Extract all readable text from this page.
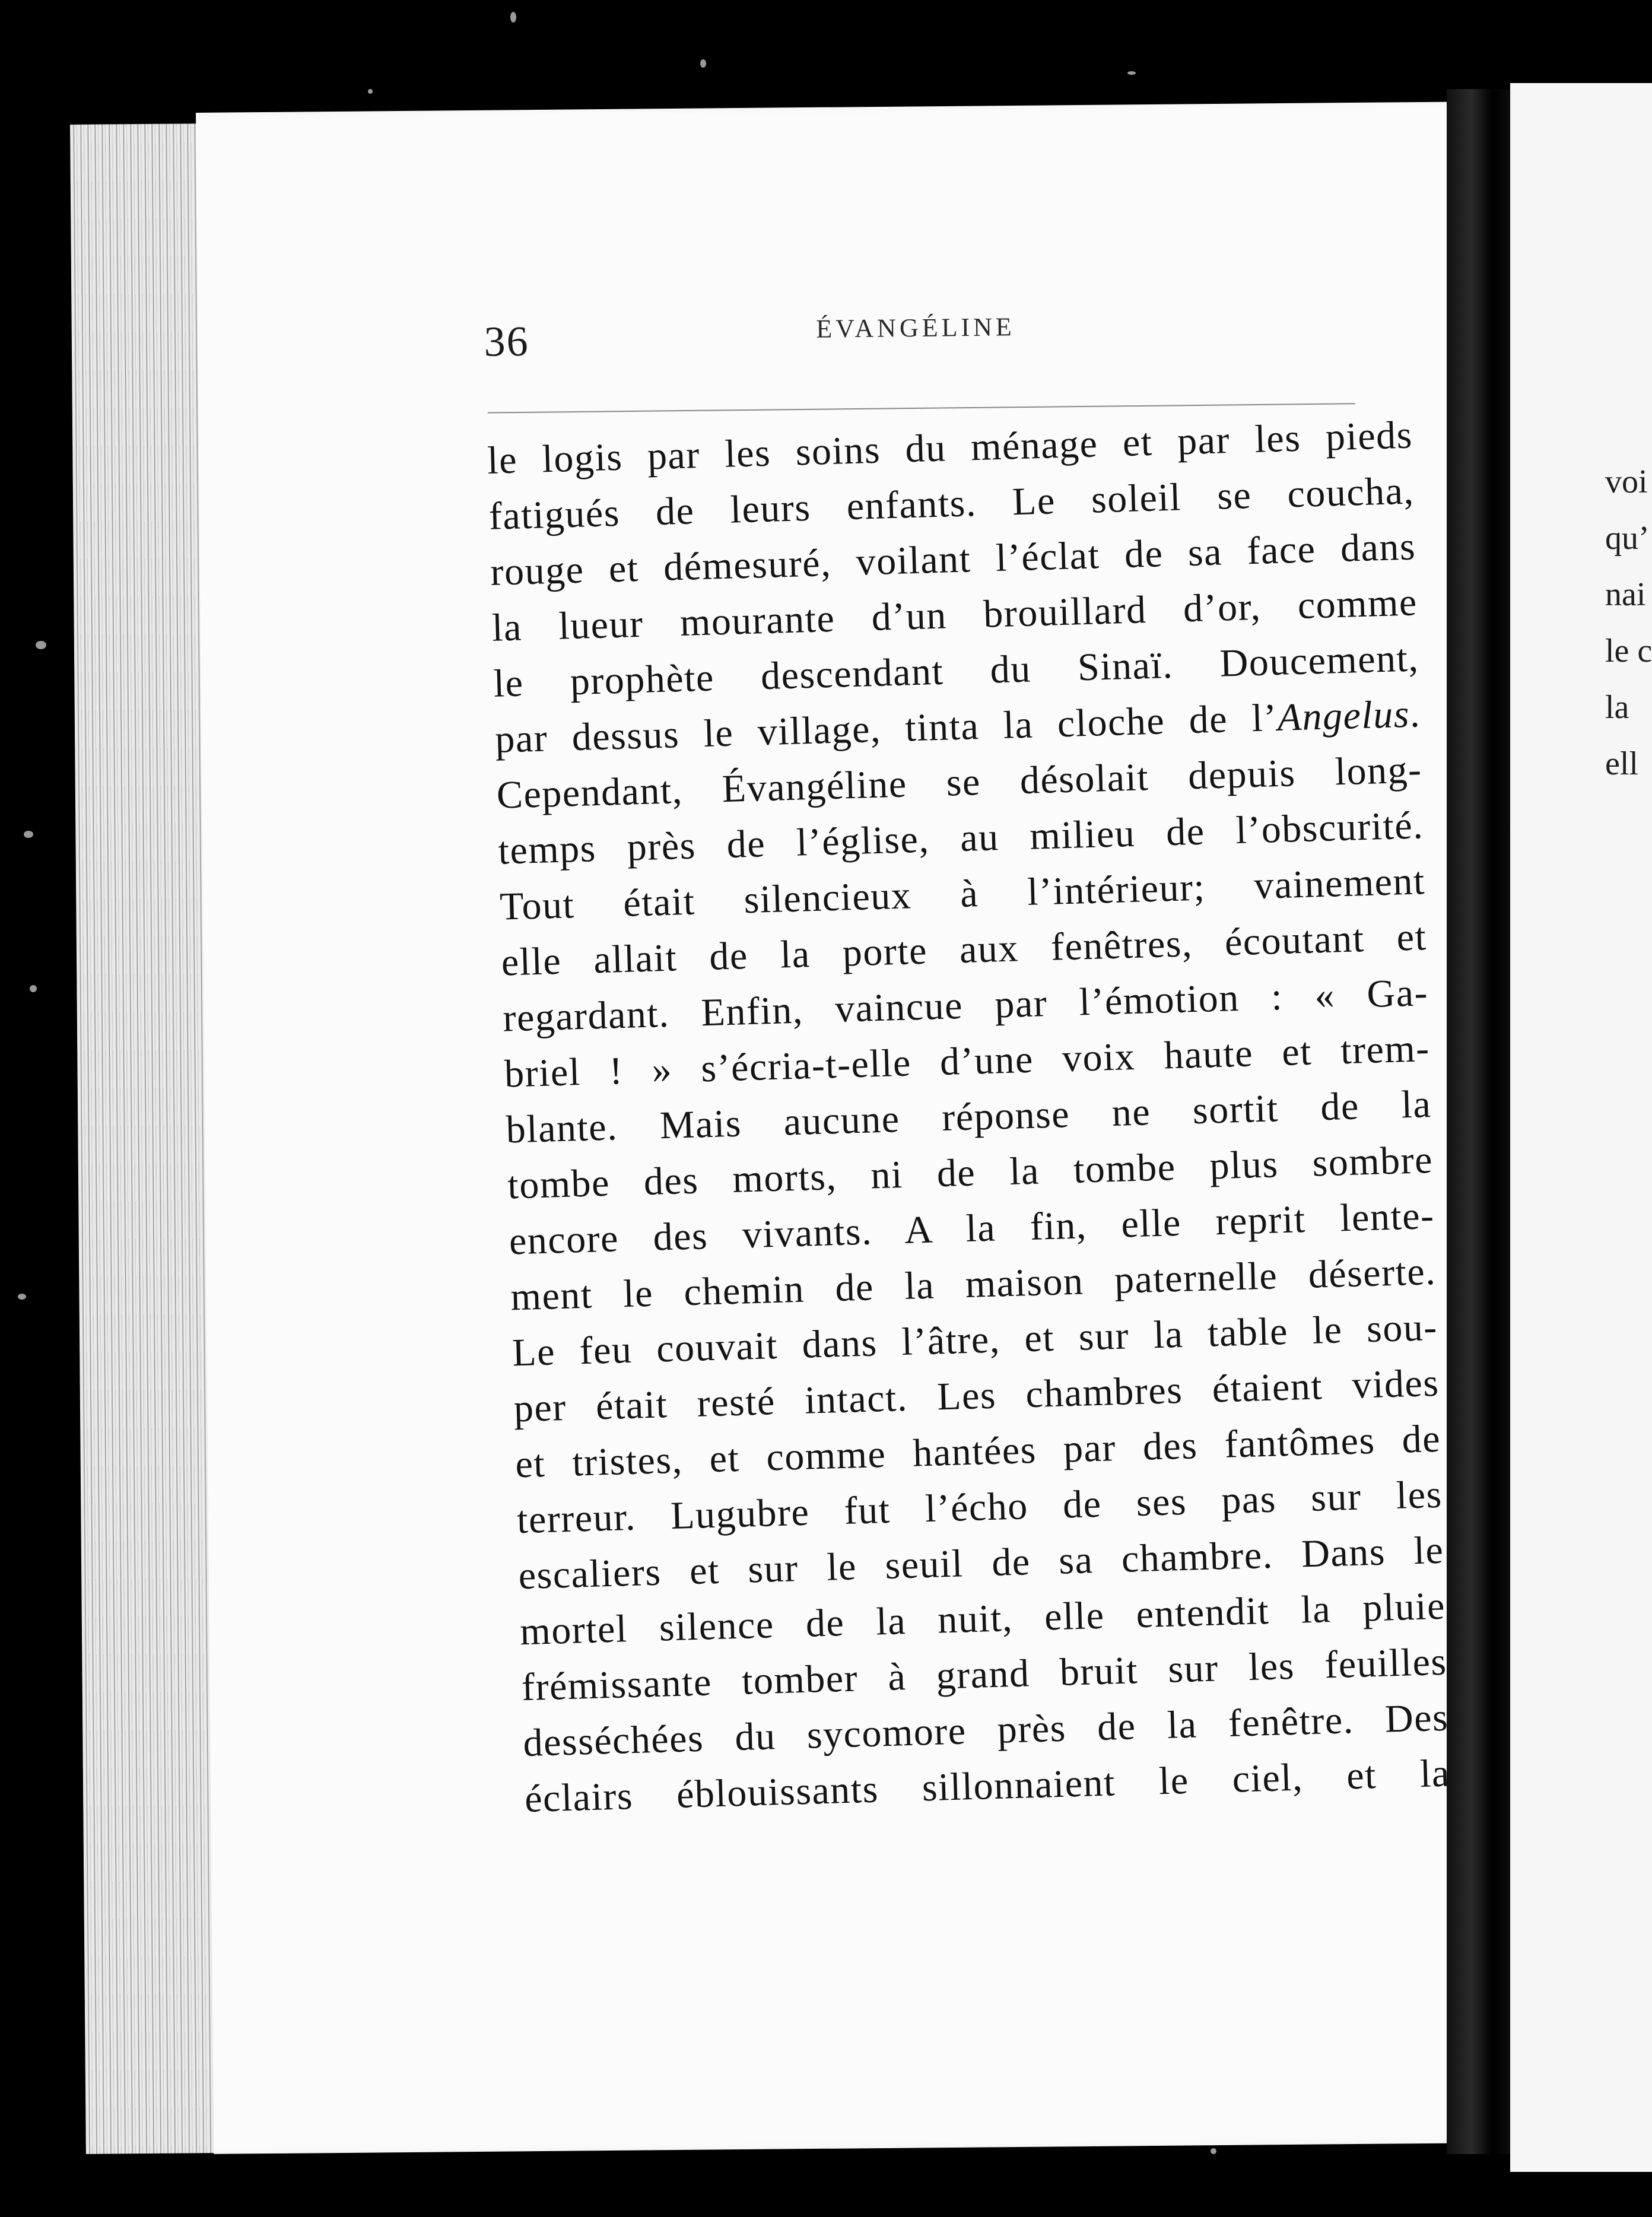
voi
qu’
nai
le c
la
ell
36	ÉVANGÉLINE
le logis par les soins du ménage et par les pieds
fatigués de leurs enfants. Le soleil se coucha,
rouge et démesuré, voilant l’éclat de sa face dans
la lueur mourante d’un brouillard d’or, comme
le prophète descendant du Sinaï. Doucement,
par dessus le village, tinta la cloche de l’Angelus.
Cependant, Évangéline se désolait depuis long-
temps près de l’église, au milieu de l’obscurité.
Tout était silencieux à l’intérieur; vainement
elle allait de la porte aux fenêtres, écoutant et
regardant. Enfin, vaincue par l’émotion : « Ga-
briel ! » s’écria-t-elle d’une voix haute et trem-
blante. Mais aucune réponse ne sortit de la
tombe des morts, ni de la tombe plus sombre
encore des vivants. A la fin, elle reprit lente-
ment le chemin de la maison paternelle déserte.
Le feu couvait dans l’âtre, et sur la table le sou-
per était resté intact. Les chambres étaient vides
et tristes, et comme hantées par des fantômes de
terreur. Lugubre fut l’écho de ses pas sur les
escaliers et sur le seuil de sa chambre. Dans le
mortel silence de la nuit, elle entendit la pluie
frémissante tomber à grand bruit sur les feuilles
desséchées du sycomore près de la fenêtre. Des
éclairs éblouissants sillonnaient le ciel, et la
